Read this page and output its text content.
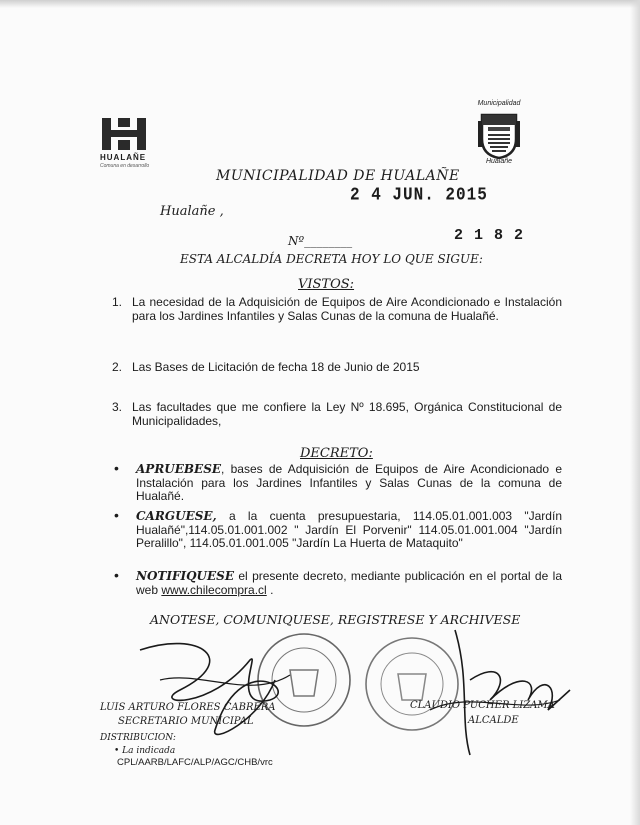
HUALAÑE
Comuna en desarrollo
Municipalidad
Hualañe
MUNICIPALIDAD DE HUALAÑE
2 4 JUN. 2015
Hualañe ,
Nº________	2 1 8 2
ESTA ALCALDÍA DECRETA HOY LO QUE SIGUE:
VISTOS:
1. La necesidad de la Adquisición de Equipos de Aire Acondicionado e Instalación para los Jardines Infantiles y Salas Cunas de la comuna de Hualañé.
2. Las Bases de Licitación de fecha 18 de Junio de 2015
3. Las facultades que me confiere la Ley Nº 18.695, Orgánica Constitucional de Municipalidades,
DECRETO:
• APRUEBESE, bases de Adquisición de Equipos de Aire Acondicionado e Instalación para los Jardines Infantiles y Salas Cunas de la comuna de Hualañé.
• CARGUESE, a la cuenta presupuestaria, 114.05.01.001.003 "Jardín Hualañé",114.05.01.001.002 " Jardín El Porvenir" 114.05.01.001.004 "Jardín Peralillo", 114.05.01.001.005 "Jardín La Huerta de Mataquito"
• NOTIFIQUESE el presente decreto, mediante publicación en el portal de la web www.chilecompra.cl .
ANOTESE, COMUNIQUESE, REGISTRESE Y ARCHIVESE
LUIS ARTURO FLORES CABRERA
SECRETARIO MUNICIPAL
CLAUDIO PUCHER LIZAMA
ALCALDE
DISTRIBUCION:
• La indicada
CPL/AARB/LAFC/ALP/AGC/CHB/vrc
